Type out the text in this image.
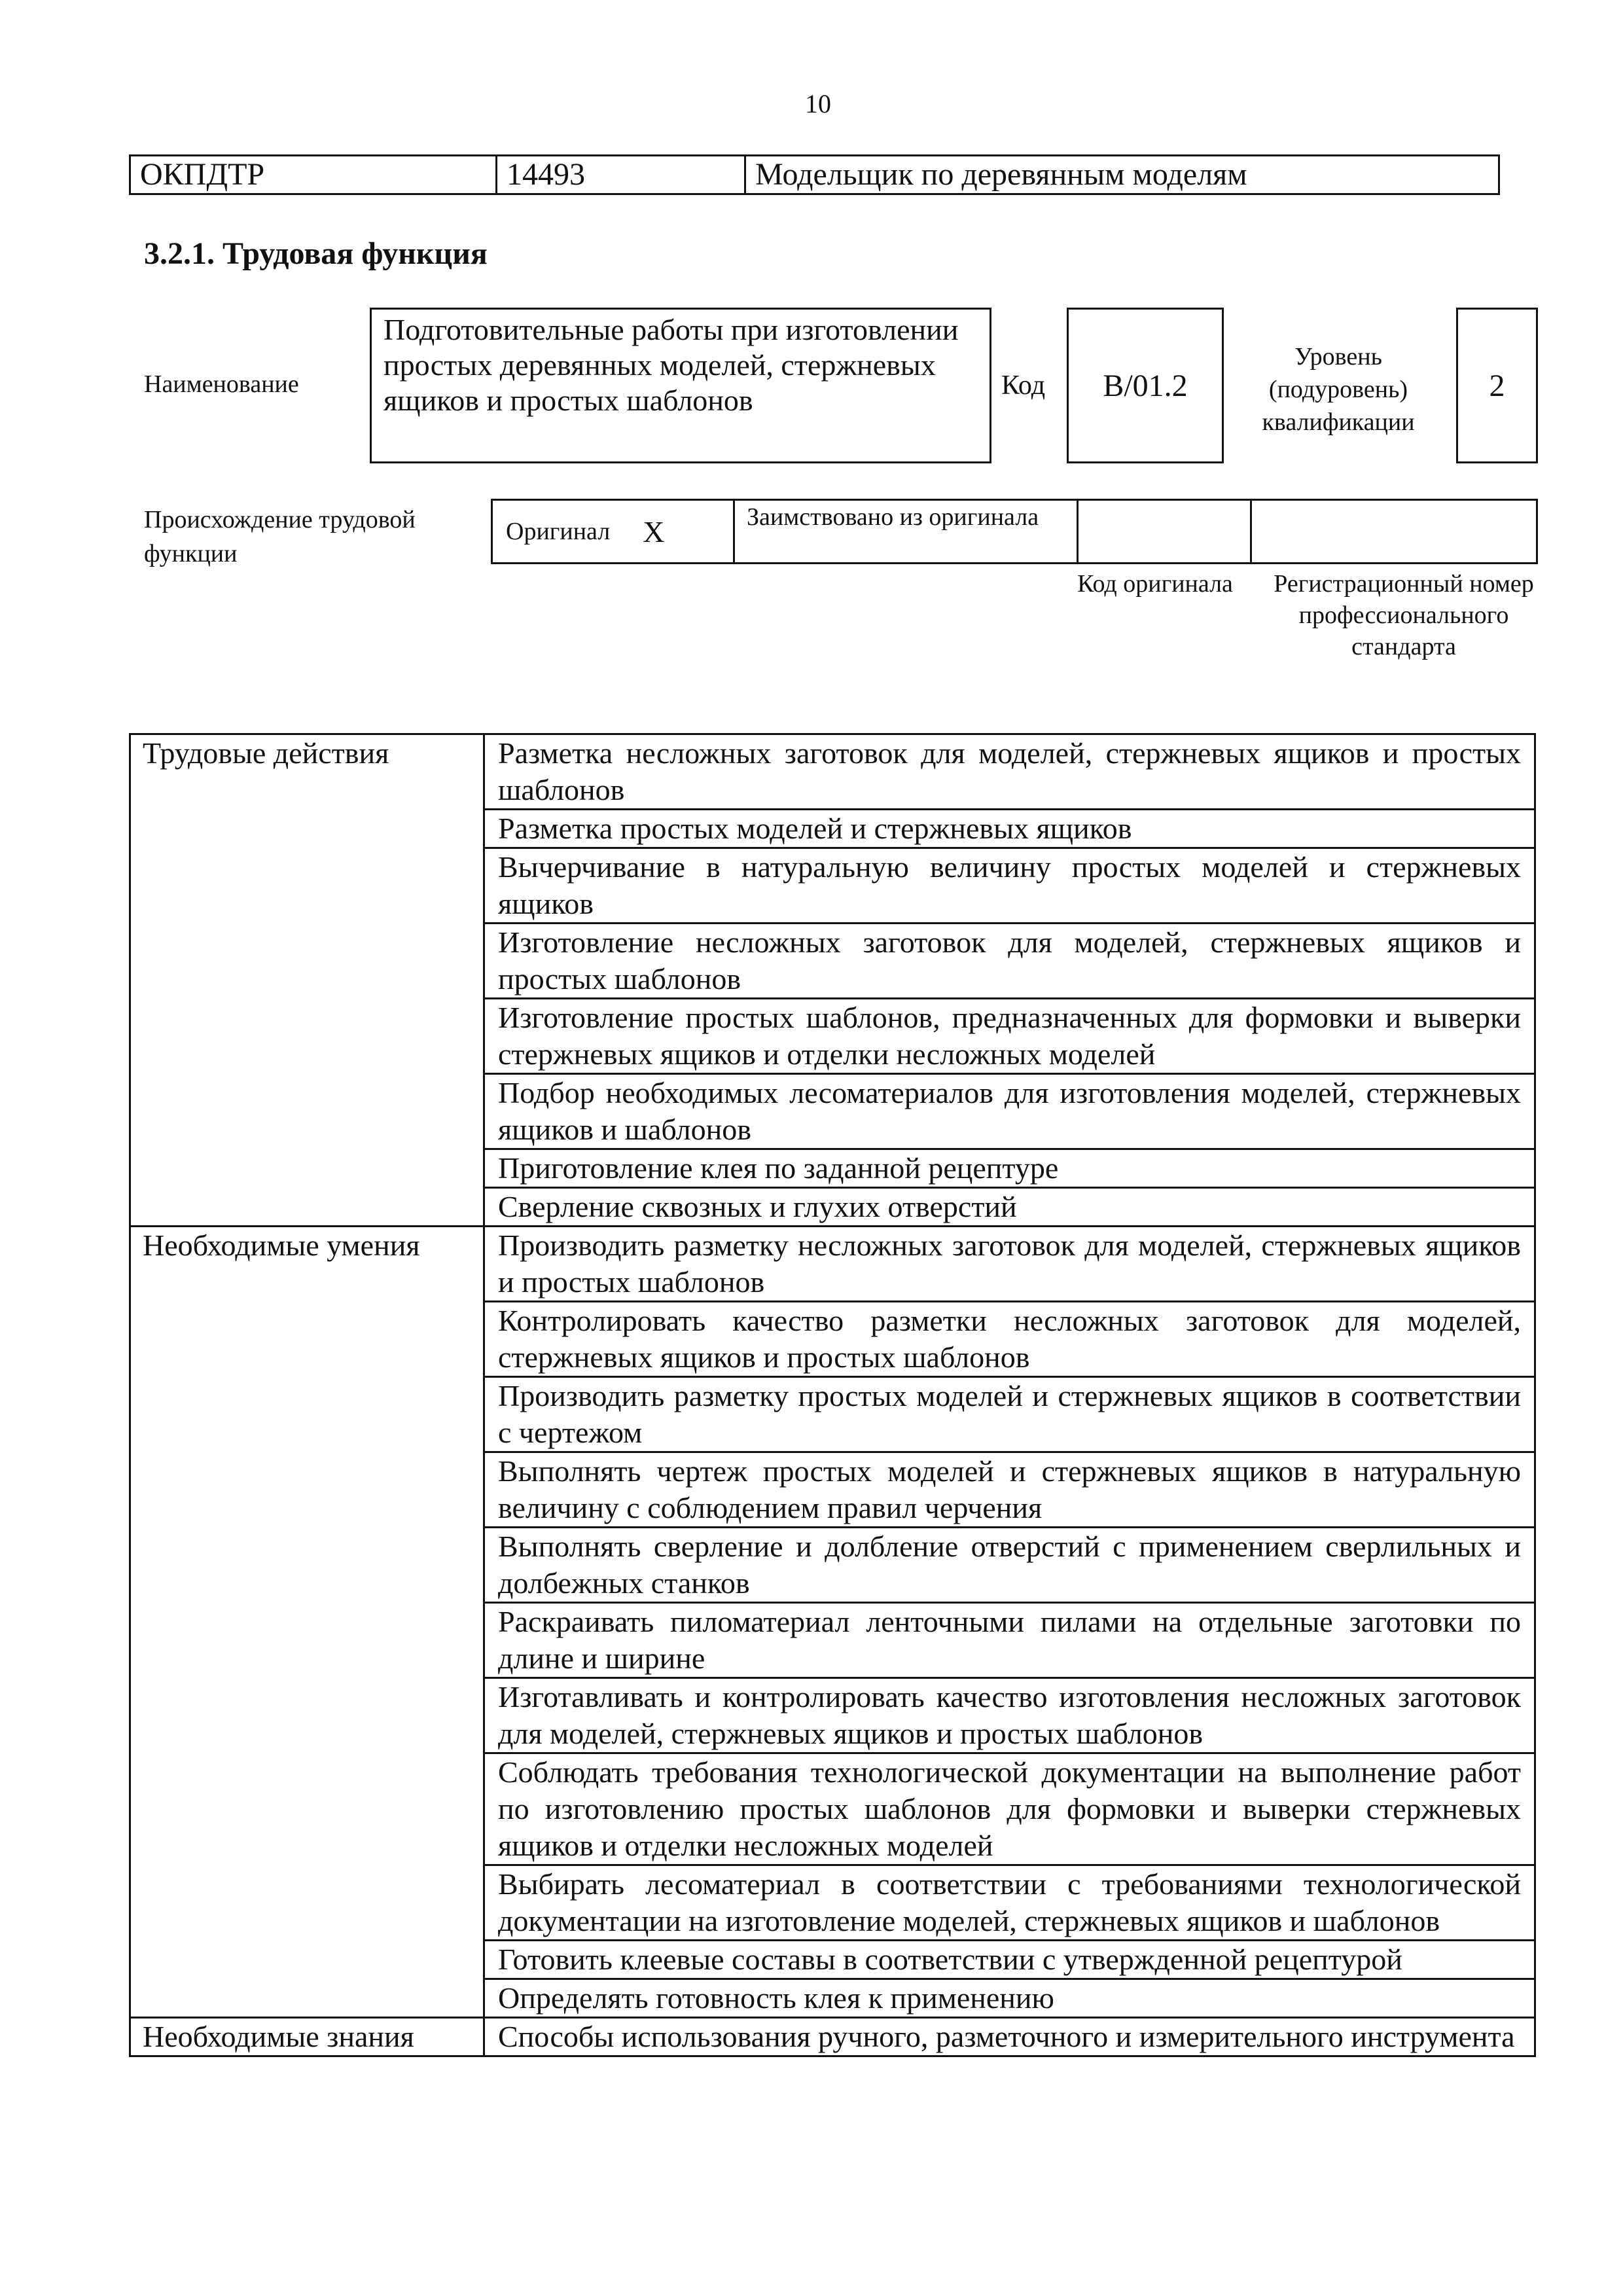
10
ОКПДТР	14493	Модельщик по деревянным моделям
3.2.1. Трудовая функция
Наименование
Подготовительные работы при изготовлении простых деревянных моделей, стержневых ящиков и простых шаблонов	Код	B/01.2
Уровень (подуровень) квалификации
2
Происхождение трудовой функции
Оригинал X	Заимствовано из оригинала
Код оригинала	Регистрационный номер профессионального стандарта
Трудовые действия	Разметка несложных заготовок для моделей, стержневых ящиков и простых шаблонов
	Разметка простых моделей и стержневых ящиков
	Вычерчивание в натуральную величину простых моделей и стержневых ящиков
	Изготовление несложных заготовок для моделей, стержневых ящиков и простых шаблонов
	Изготовление простых шаблонов, предназначенных для формовки и выверки стержневых ящиков и отделки несложных моделей
	Подбор необходимых лесоматериалов для изготовления моделей, стержневых ящиков и шаблонов
	Приготовление клея по заданной рецептуре
	Сверление сквозных и глухих отверстий
Необходимые умения	Производить разметку несложных заготовок для моделей, стержневых ящиков и простых шаблонов
	Контролировать качество разметки несложных заготовок для моделей, стержневых ящиков и простых шаблонов
	Производить разметку простых моделей и стержневых ящиков в соответствии с чертежом
	Выполнять чертеж простых моделей и стержневых ящиков в натуральную величину с соблюдением правил черчения
	Выполнять сверление и долбление отверстий с применением сверлильных и долбежных станков
	Раскраивать пиломатериал ленточными пилами на отдельные заготовки по длине и ширине
	Изготавливать и контролировать качество изготовления несложных заготовок для моделей, стержневых ящиков и простых шаблонов
	Соблюдать требования технологической документации на выполнение работ по изготовлению простых шаблонов для формовки и выверки стержневых ящиков и отделки несложных моделей
	Выбирать лесоматериал в соответствии с требованиями технологической документации на изготовление моделей, стержневых ящиков и шаблонов
	Готовить клеевые составы в соответствии с утвержденной рецептурой
	Определять готовность клея к применению
Необходимые знания	Способы использования ручного, разметочного и измерительного инструмента
